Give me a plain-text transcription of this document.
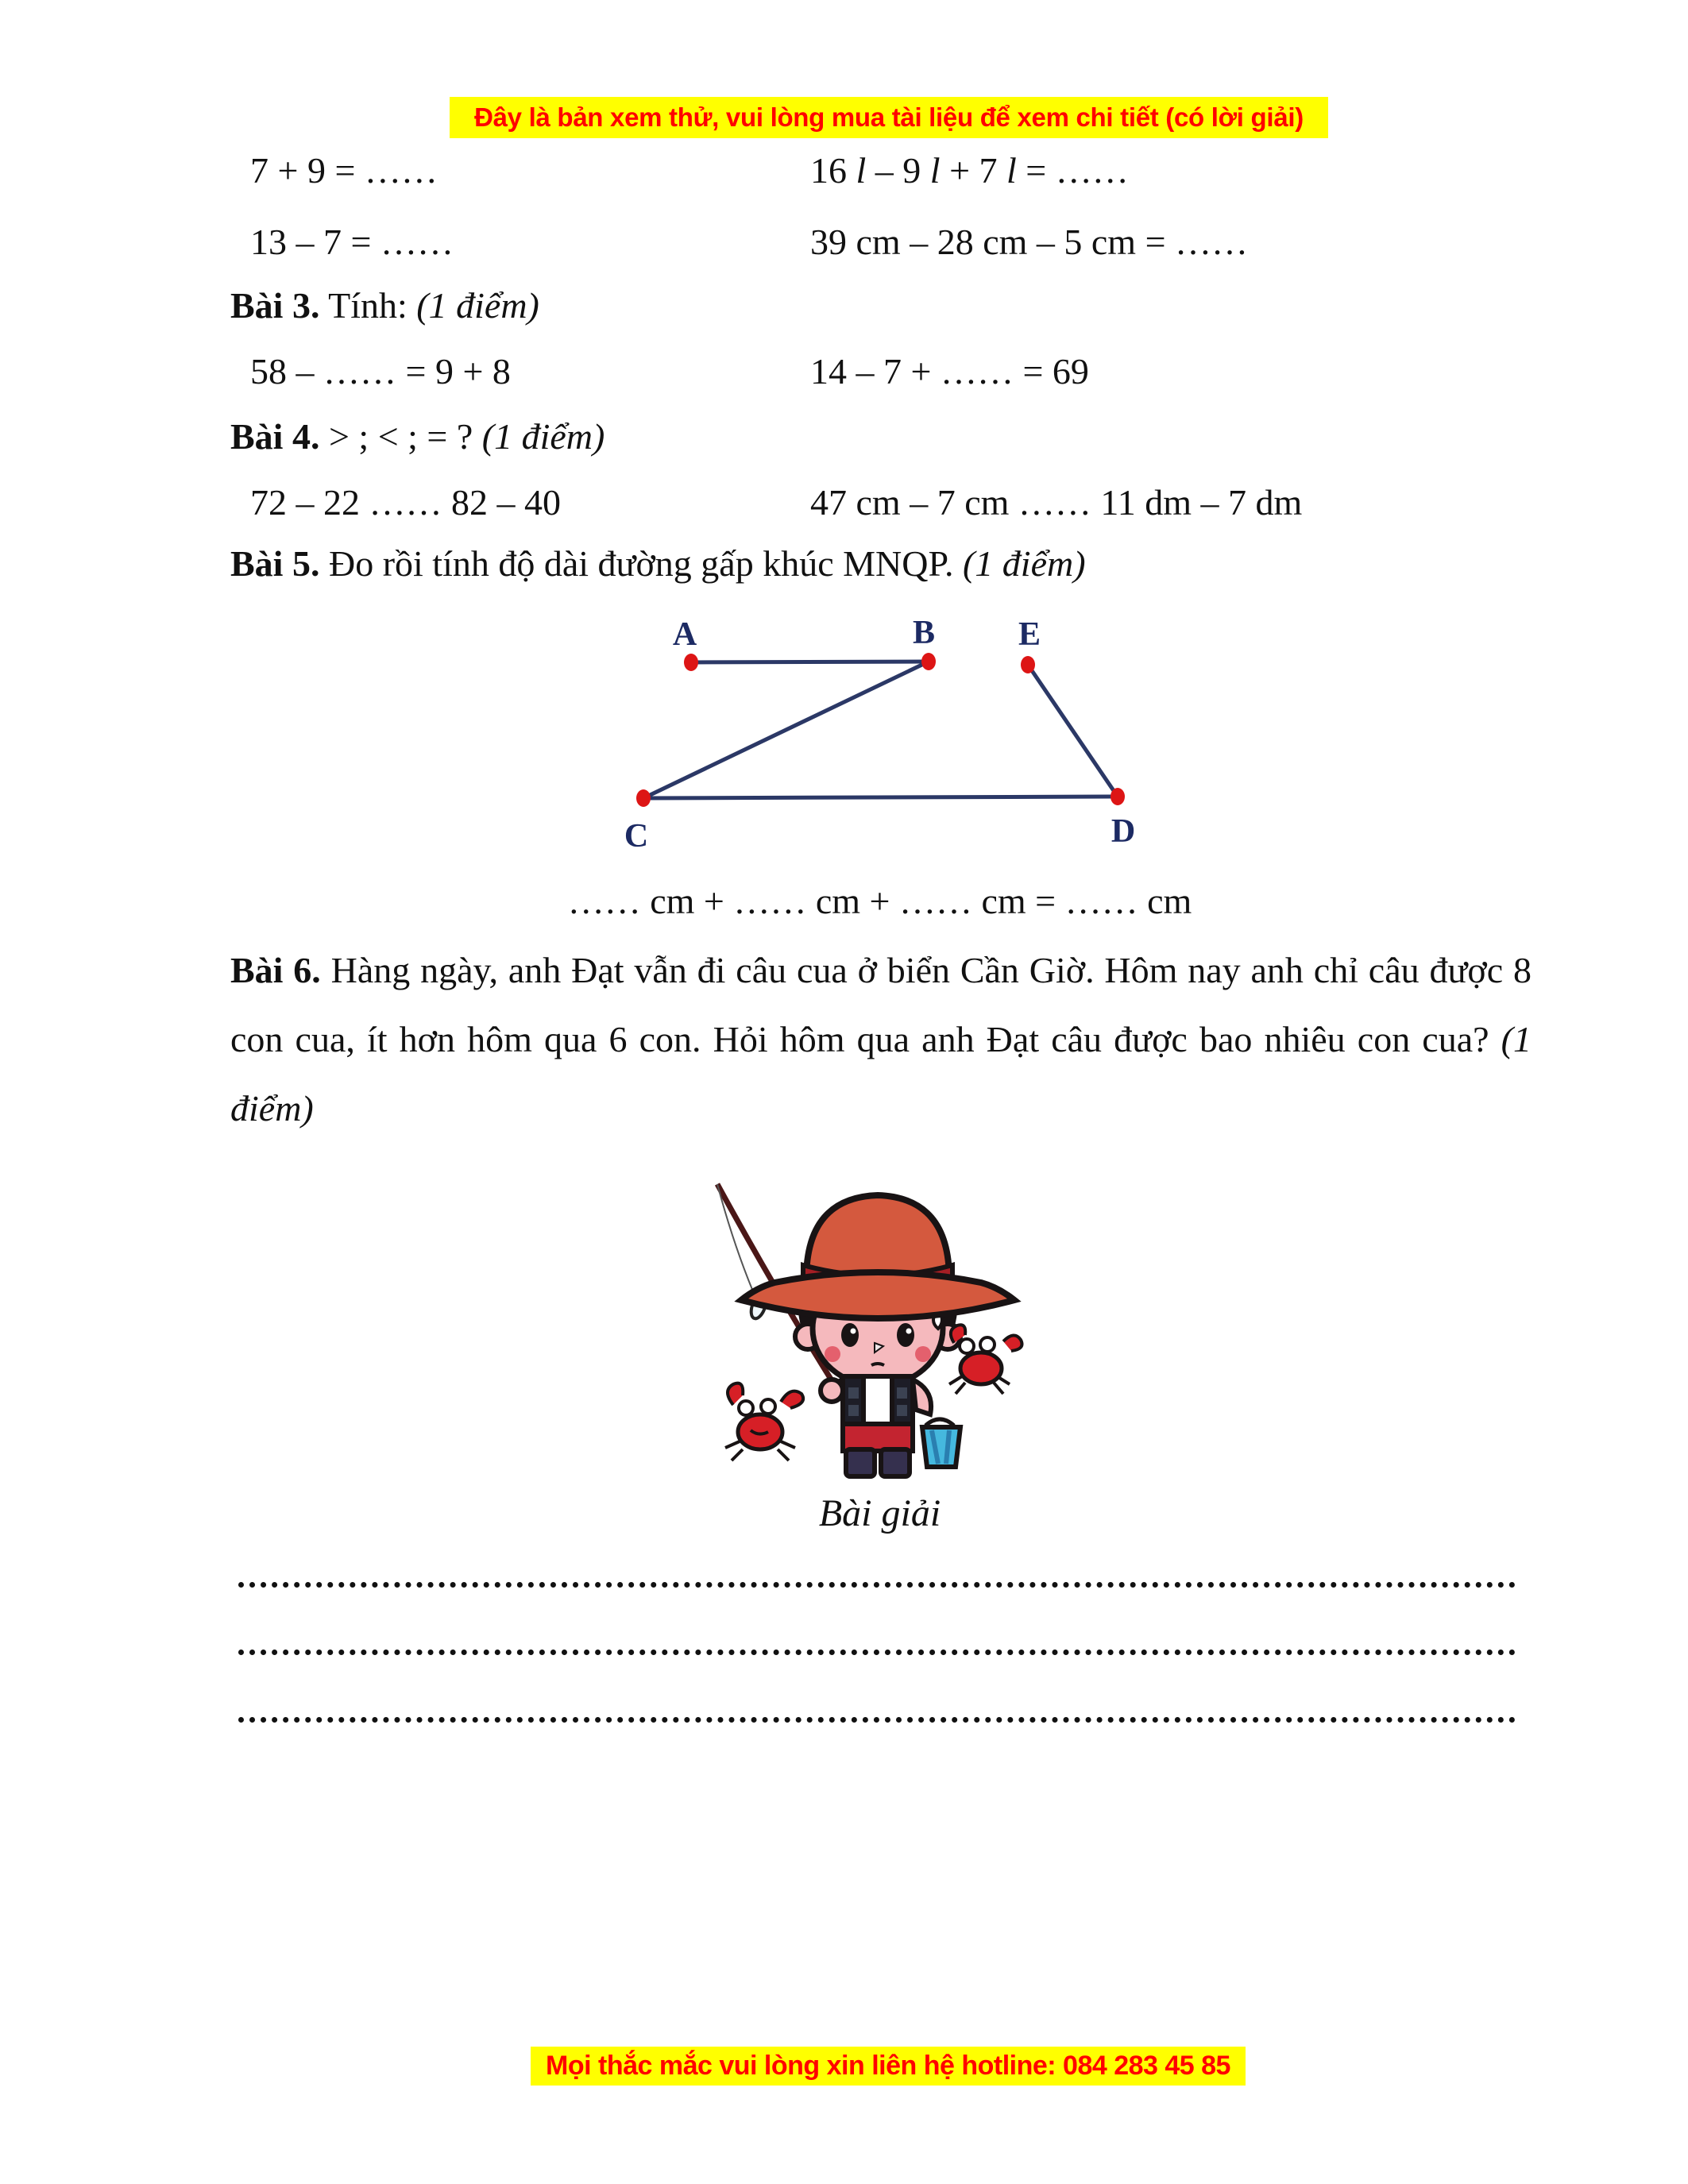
Đây là bản xem thử, vui lòng mua tài liệu để xem chi tiết (có lời giải)
7 + 9 = ……	16 l – 9 l + 7 l = ……
13 – 7 = ……	39 cm – 28 cm – 5 cm = ……
Bài 3. Tính: (1 điểm)
58 – …… = 9 + 8	14 – 7 + …… = 69
Bài 4. > ; < ; = ? (1 điểm)
72 – 22 …… 82 – 40	47 cm – 7 cm …… 11 dm – 7 dm
Bài 5. Đo rồi tính độ dài đường gấp khúc MNQP. (1 điểm)
A	B E
C	D
…… cm + …… cm + …… cm = …… cm
Bài 6. Hàng ngày, anh Đạt vẫn đi câu cua ở biển Cần Giờ. Hôm nay anh chỉ câu được 8 con cua, ít hơn hôm qua 6 con. Hỏi hôm qua anh Đạt câu được bao nhiêu con cua? (1 điểm)
Bài giải
Mọi thắc mắc vui lòng xin liên hệ hotline: 084 283 45 85
